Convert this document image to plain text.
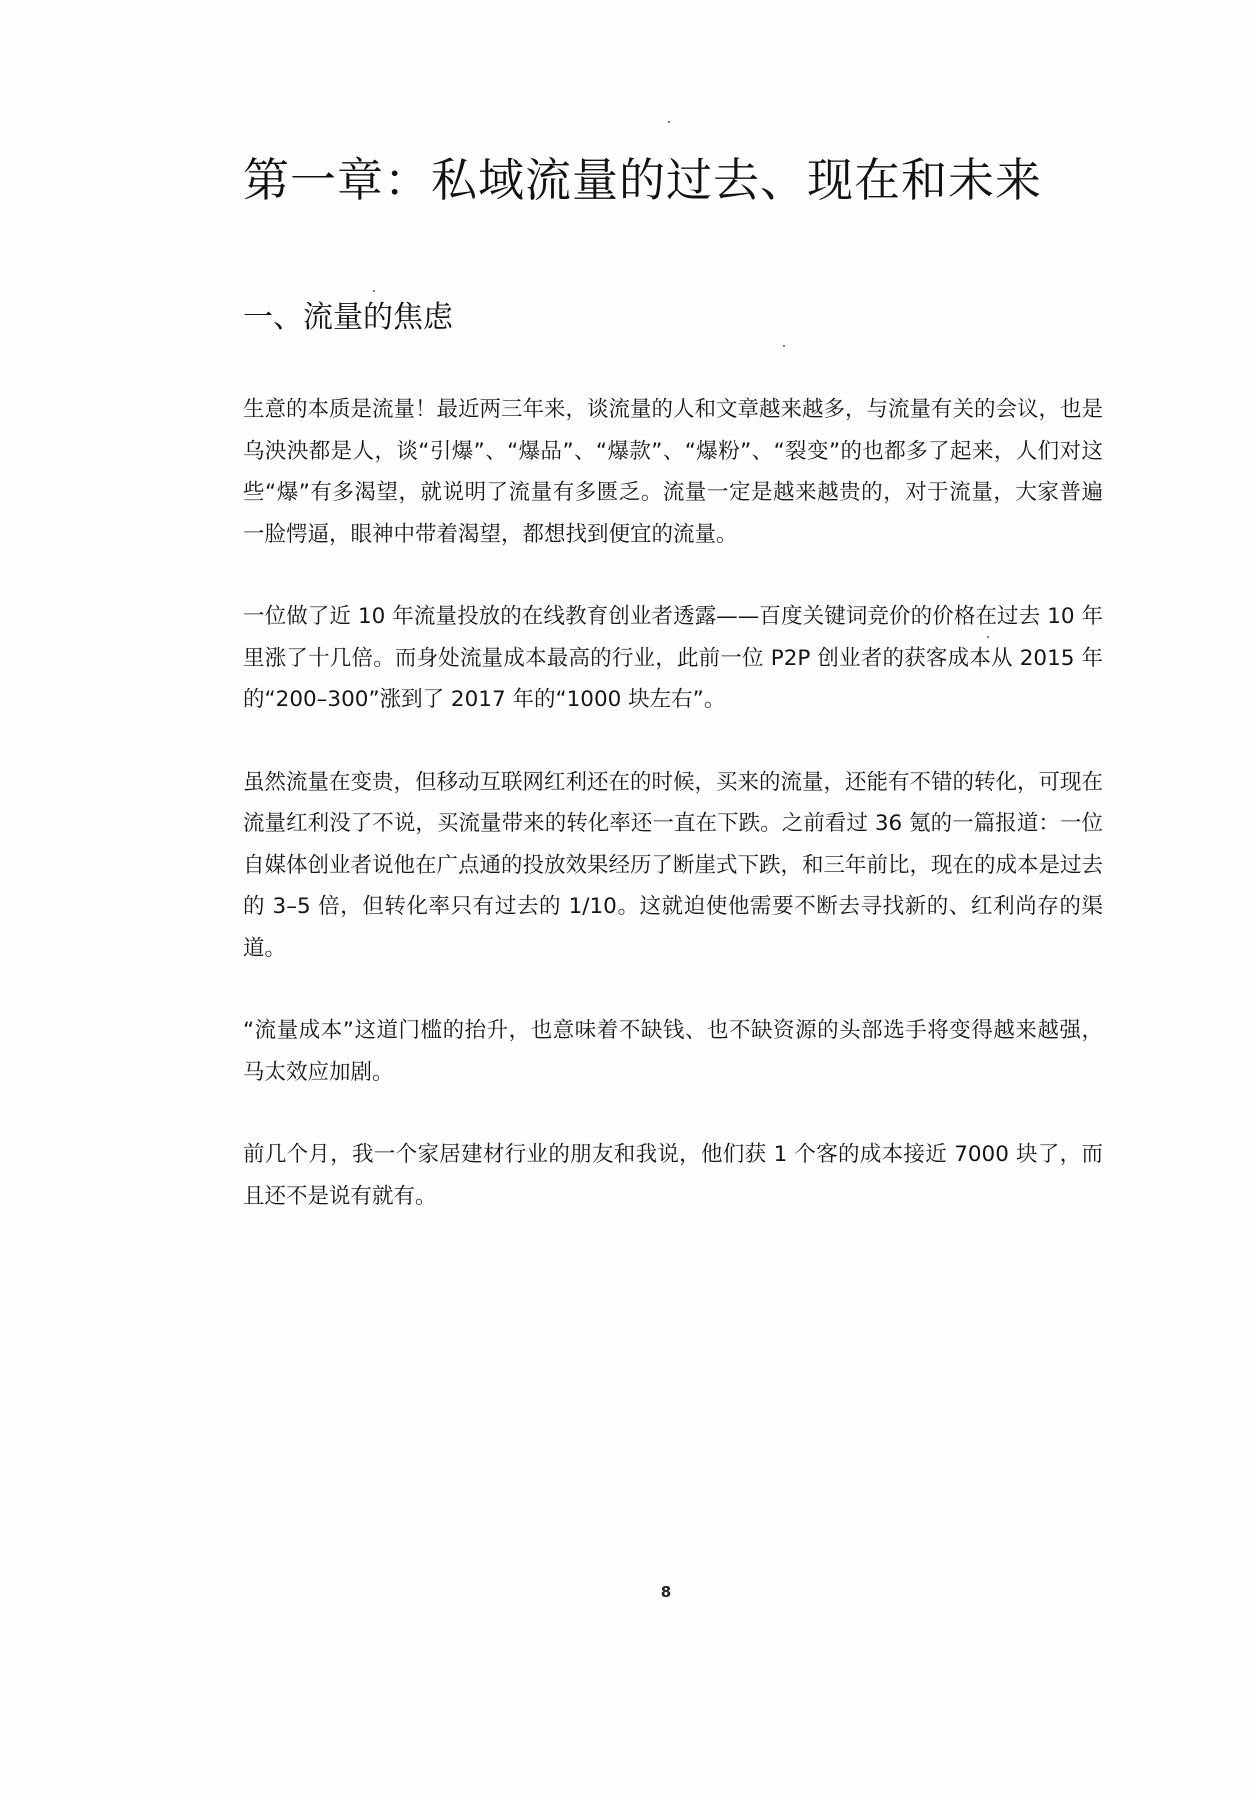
第一章：私域流量的过去、现在和未来
一、流量的焦虑

生意的本质是流量！最近两三年来，谈流量的人和文章越来越多，与流量有关的会议，也是乌泱泱都是人，谈“引爆”、“爆品”、“爆款”、“爆粉”、“裂变”的也都多了起来，人们对这些“爆”有多渴望，就说明了流量有多匮乏。流量一定是越来越贵的，对于流量，大家普遍一脸愕逼，眼神中带着渴望，都想找到便宜的流量。

一位做了近 10 年流量投放的在线教育创业者透露——百度关键词竞价的价格在过去 10 年里涨了十几倍。而身处流量成本最高的行业，此前一位 P2P 创业者的获客成本从 2015 年的“200–300”涨到了 2017 年的“1000 块左右”。

虽然流量在变贵，但移动互联网红利还在的时候，买来的流量，还能有不错的转化，可现在流量红利没了不说，买流量带来的转化率还一直在下跌。之前看过 36 氪的一篇报道：一位自媒体创业者说他在广点通的投放效果经历了断崖式下跌，和三年前比，现在的成本是过去的 3–5 倍，但转化率只有过去的 1/10。这就迫使他需要不断去寻找新的、红利尚存的渠道。

“流量成本”这道门槛的抬升，也意味着不缺钱、也不缺资源的头部选手将变得越来越强，马太效应加剧。

前几个月，我一个家居建材行业的朋友和我说，他们获 1 个客的成本接近 7000 块了，而且还不是说有就有。

8
